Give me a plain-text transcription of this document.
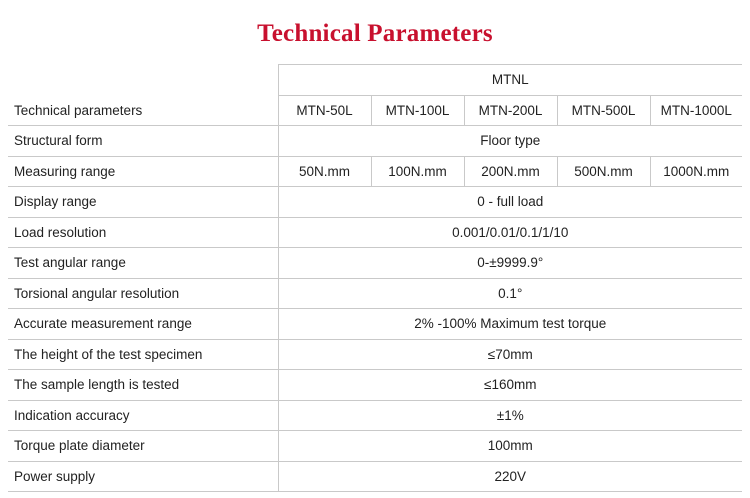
Technical Parameters
	MTNL				
Technical parameters	MTN-50L	MTN-100L	MTN-200L	MTN-500L	MTN-1000L
Structural form	Floor type				
Measuring range	50N.mm	100N.mm	200N.mm	500N.mm	1000N.mm
Display range	0 - full load				
Load resolution	0.001/0.01/0.1/1/10				
Test angular range	0-±9999.9°				
Torsional angular resolution	0.1°				
Accurate measurement range	2% -100% Maximum test torque				
The height of the test specimen	≤70mm				
The sample length is tested	≤160mm				
Indication accuracy	±1%				
Torque plate diameter	100mm				
Power supply	220V				
